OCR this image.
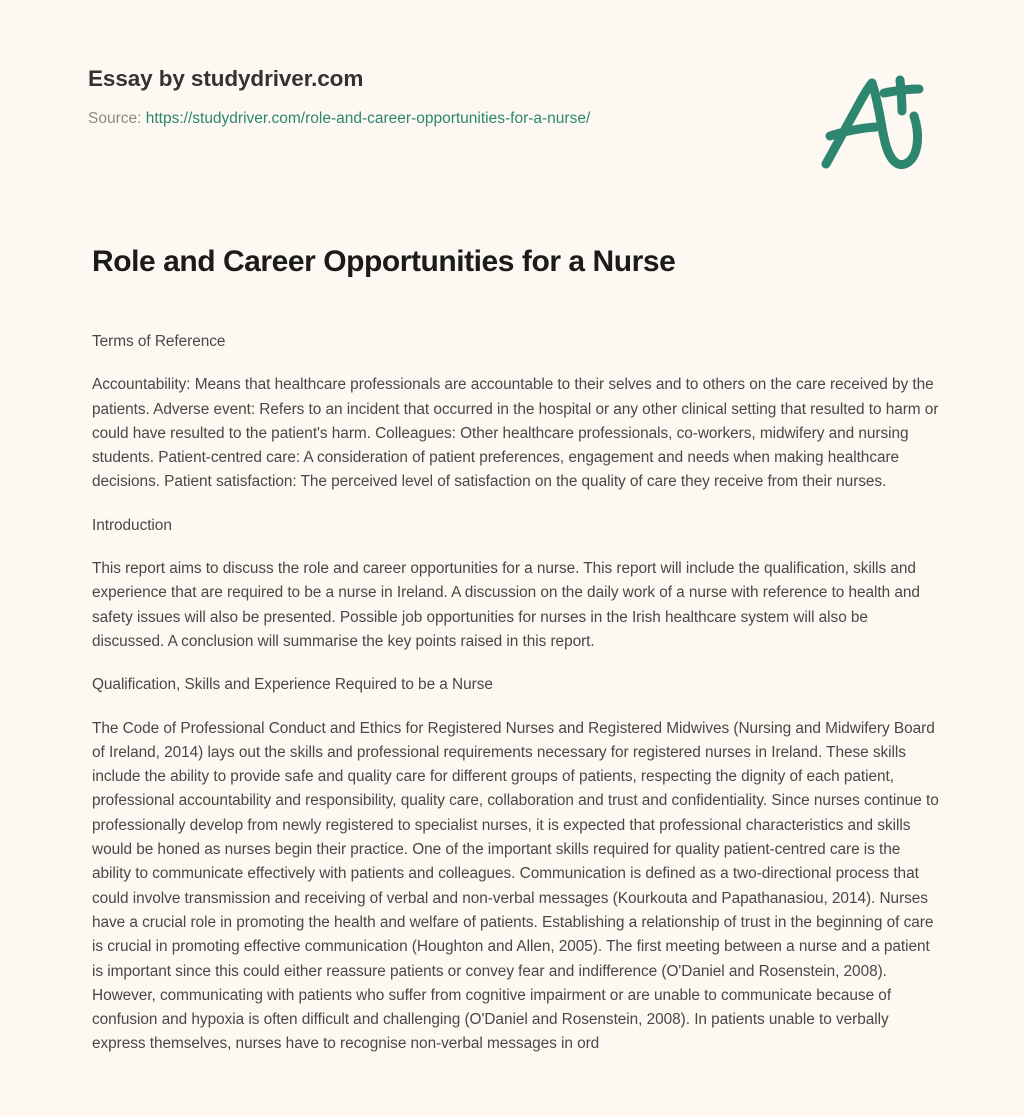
Essay by studydriver.com
Source: https://studydriver.com/role-and-career-opportunities-for-a-nurse/
Role and Career Opportunities for a Nurse

Terms of Reference

Accountability: Means that healthcare professionals are accountable to their selves and to others on the care received by the patients. Adverse event: Refers to an incident that occurred in the hospital or any other clinical setting that resulted to harm or could have resulted to the patient's harm. Colleagues: Other healthcare professionals, co-workers, midwifery and nursing students. Patient-centred care: A consideration of patient preferences, engagement and needs when making healthcare decisions. Patient satisfaction: The perceived level of satisfaction on the quality of care they receive from their nurses.

Introduction

This report aims to discuss the role and career opportunities for a nurse. This report will include the qualification, skills and experience that are required to be a nurse in Ireland. A discussion on the daily work of a nurse with reference to health and safety issues will also be presented. Possible job opportunities for nurses in the Irish healthcare system will also be discussed. A conclusion will summarise the key points raised in this report.

Qualification, Skills and Experience Required to be a Nurse

The Code of Professional Conduct and Ethics for Registered Nurses and Registered Midwives (Nursing and Midwifery Board of Ireland, 2014) lays out the skills and professional requirements necessary for registered nurses in Ireland. These skills include the ability to provide safe and quality care for different groups of patients, respecting the dignity of each patient, professional accountability and responsibility, quality care, collaboration and trust and confidentiality. Since nurses continue to professionally develop from newly registered to specialist nurses, it is expected that professional characteristics and skills would be honed as nurses begin their practice. One of the important skills required for quality patient-centred care is the ability to communicate effectively with patients and colleagues. Communication is defined as a two-directional process that could involve transmission and receiving of verbal and non-verbal messages (Kourkouta and Papathanasiou, 2014). Nurses have a crucial role in promoting the health and welfare of patients. Establishing a relationship of trust in the beginning of care is crucial in promoting effective communication (Houghton and Allen, 2005). The first meeting between a nurse and a patient is important since this could either reassure patients or convey fear and indifference (O'Daniel and Rosenstein, 2008). However, communicating with patients who suffer from cognitive impairment or are unable to communicate because of confusion and hypoxia is often difficult and challenging (O'Daniel and Rosenstein, 2008). In patients unable to verbally express themselves, nurses have to recognise non-verbal messages in ord
